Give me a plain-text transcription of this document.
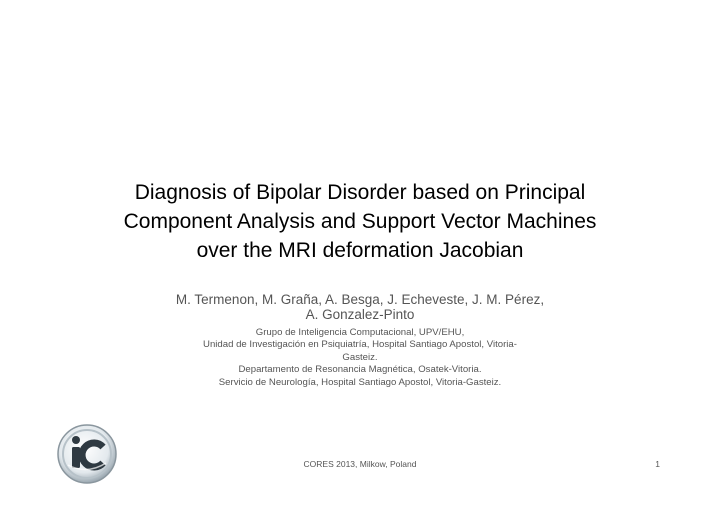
Diagnosis of Bipolar Disorder based on Principal
Component Analysis and Support Vector Machines
over the MRI deformation Jacobian
M. Termenon, M. Graña, A. Besga, J. Echeveste, J. M. Pérez,
A. Gonzalez-Pinto
Grupo de Inteligencia Computacional, UPV/EHU,
Unidad de Investigación en Psiquiatría, Hospital Santiago Apostol, Vitoria-
Gasteiz.
Departamento de Resonancia Magnética, Osatek-Vitoria.
Servicio de Neurología, Hospital Santiago Apostol, Vitoria-Gasteiz.
CORES 2013, Milkow, Poland	1
